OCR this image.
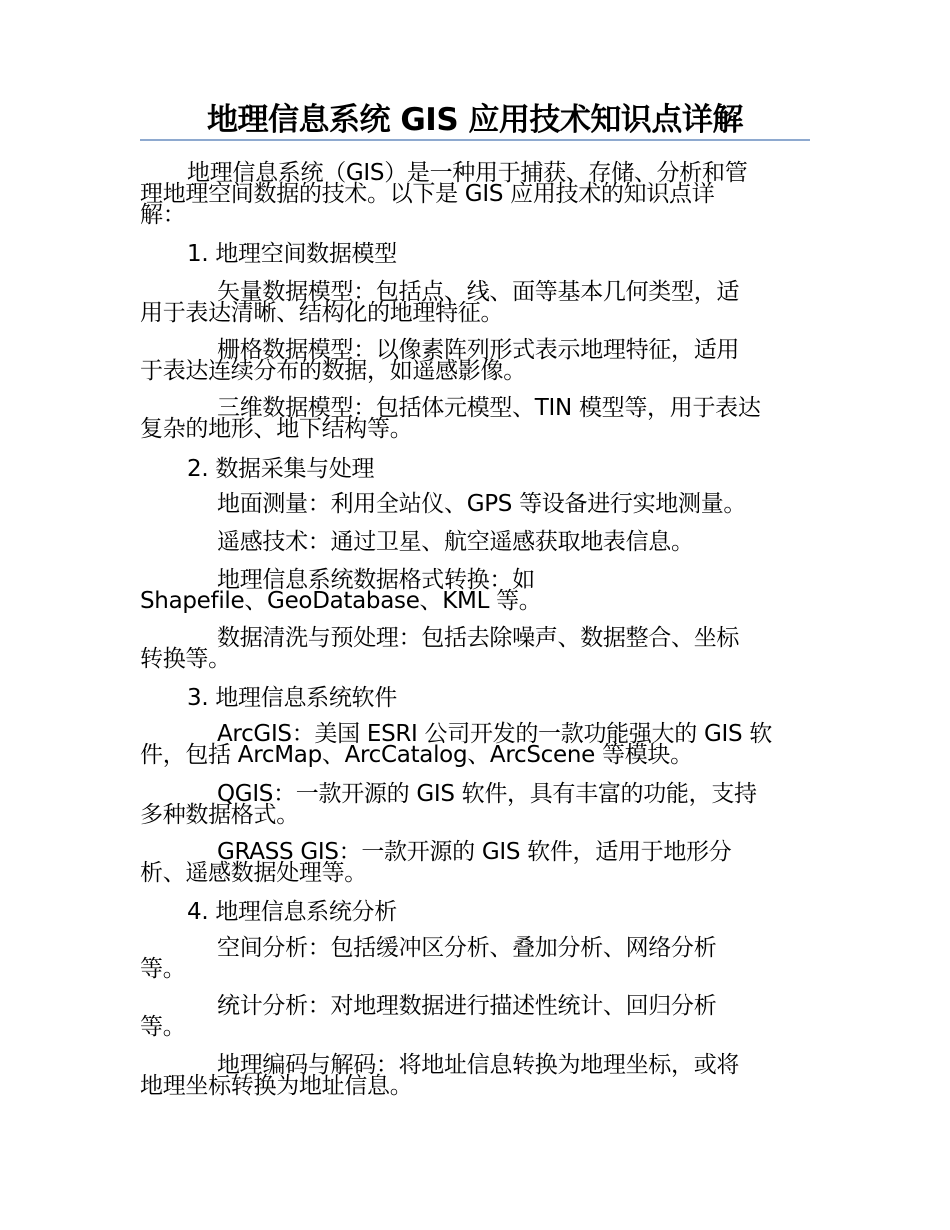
地理信息系统 GIS 应用技术知识点详解
地理信息系统（GIS）是一种用于捕获、存储、分析和管
理地理空间数据的技术。以下是 GIS 应用技术的知识点详
解：
1. 地理空间数据模型
矢量数据模型：包括点、线、面等基本几何类型，适
用于表达清晰、结构化的地理特征。
栅格数据模型：以像素阵列形式表示地理特征，适用
于表达连续分布的数据，如遥感影像。
三维数据模型：包括体元模型、TIN 模型等，用于表达
复杂的地形、地下结构等。
2. 数据采集与处理
地面测量：利用全站仪、GPS 等设备进行实地测量。
遥感技术：通过卫星、航空遥感获取地表信息。
地理信息系统数据格式转换：如
Shapefile、GeoDatabase、KML 等。
数据清洗与预处理：包括去除噪声、数据整合、坐标
转换等。
3. 地理信息系统软件
ArcGIS：美国 ESRI 公司开发的一款功能强大的 GIS 软
件，包括 ArcMap、ArcCatalog、ArcScene 等模块。
QGIS：一款开源的 GIS 软件，具有丰富的功能，支持
多种数据格式。
GRASS GIS：一款开源的 GIS 软件，适用于地形分
析、遥感数据处理等。
4. 地理信息系统分析
空间分析：包括缓冲区分析、叠加分析、网络分析
等。
统计分析：对地理数据进行描述性统计、回归分析
等。
地理编码与解码：将地址信息转换为地理坐标，或将
地理坐标转换为地址信息。
